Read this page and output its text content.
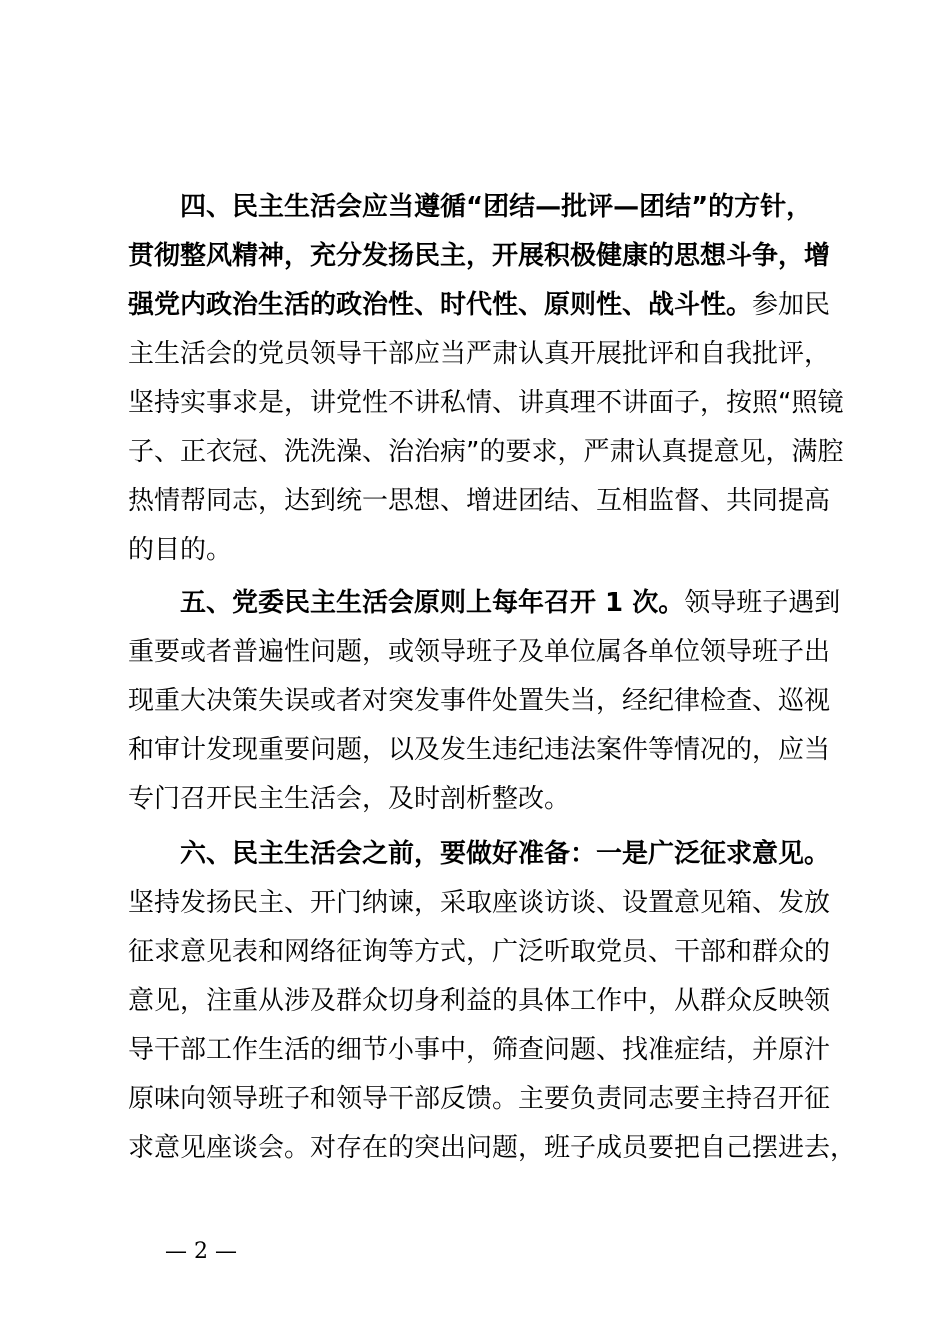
四、民主生活会应当遵循“团结—批评—团结”的方针，
贯彻整风精神，充分发扬民主，开展积极健康的思想斗争，增
强党内政治生活的政治性、时代性、原则性、战斗性。参加民
主生活会的党员领导干部应当严肃认真开展批评和自我批评，
坚持实事求是，讲党性不讲私情、讲真理不讲面子，按照“照镜
子、正衣冠、洗洗澡、治治病”的要求，严肃认真提意见，满腔
热情帮同志，达到统一思想、增进团结、互相监督、共同提高
的目的。
五、党委民主生活会原则上每年召开 1 次。领导班子遇到
重要或者普遍性问题，或领导班子及单位属各单位领导班子出
现重大决策失误或者对突发事件处置失当，经纪律检查、巡视
和审计发现重要问题，以及发生违纪违法案件等情况的，应当
专门召开民主生活会，及时剖析整改。
六、民主生活会之前，要做好准备：一是广泛征求意见。
坚持发扬民主、开门纳谏，采取座谈访谈、设置意见箱、发放
征求意见表和网络征询等方式，广泛听取党员、干部和群众的
意见，注重从涉及群众切身利益的具体工作中，从群众反映领
导干部工作生活的细节小事中，筛查问题、找准症结，并原汁
原味向领导班子和领导干部反馈。主要负责同志要主持召开征
求意见座谈会。对存在的突出问题，班子成员要把自己摆进去，
— 2 —
